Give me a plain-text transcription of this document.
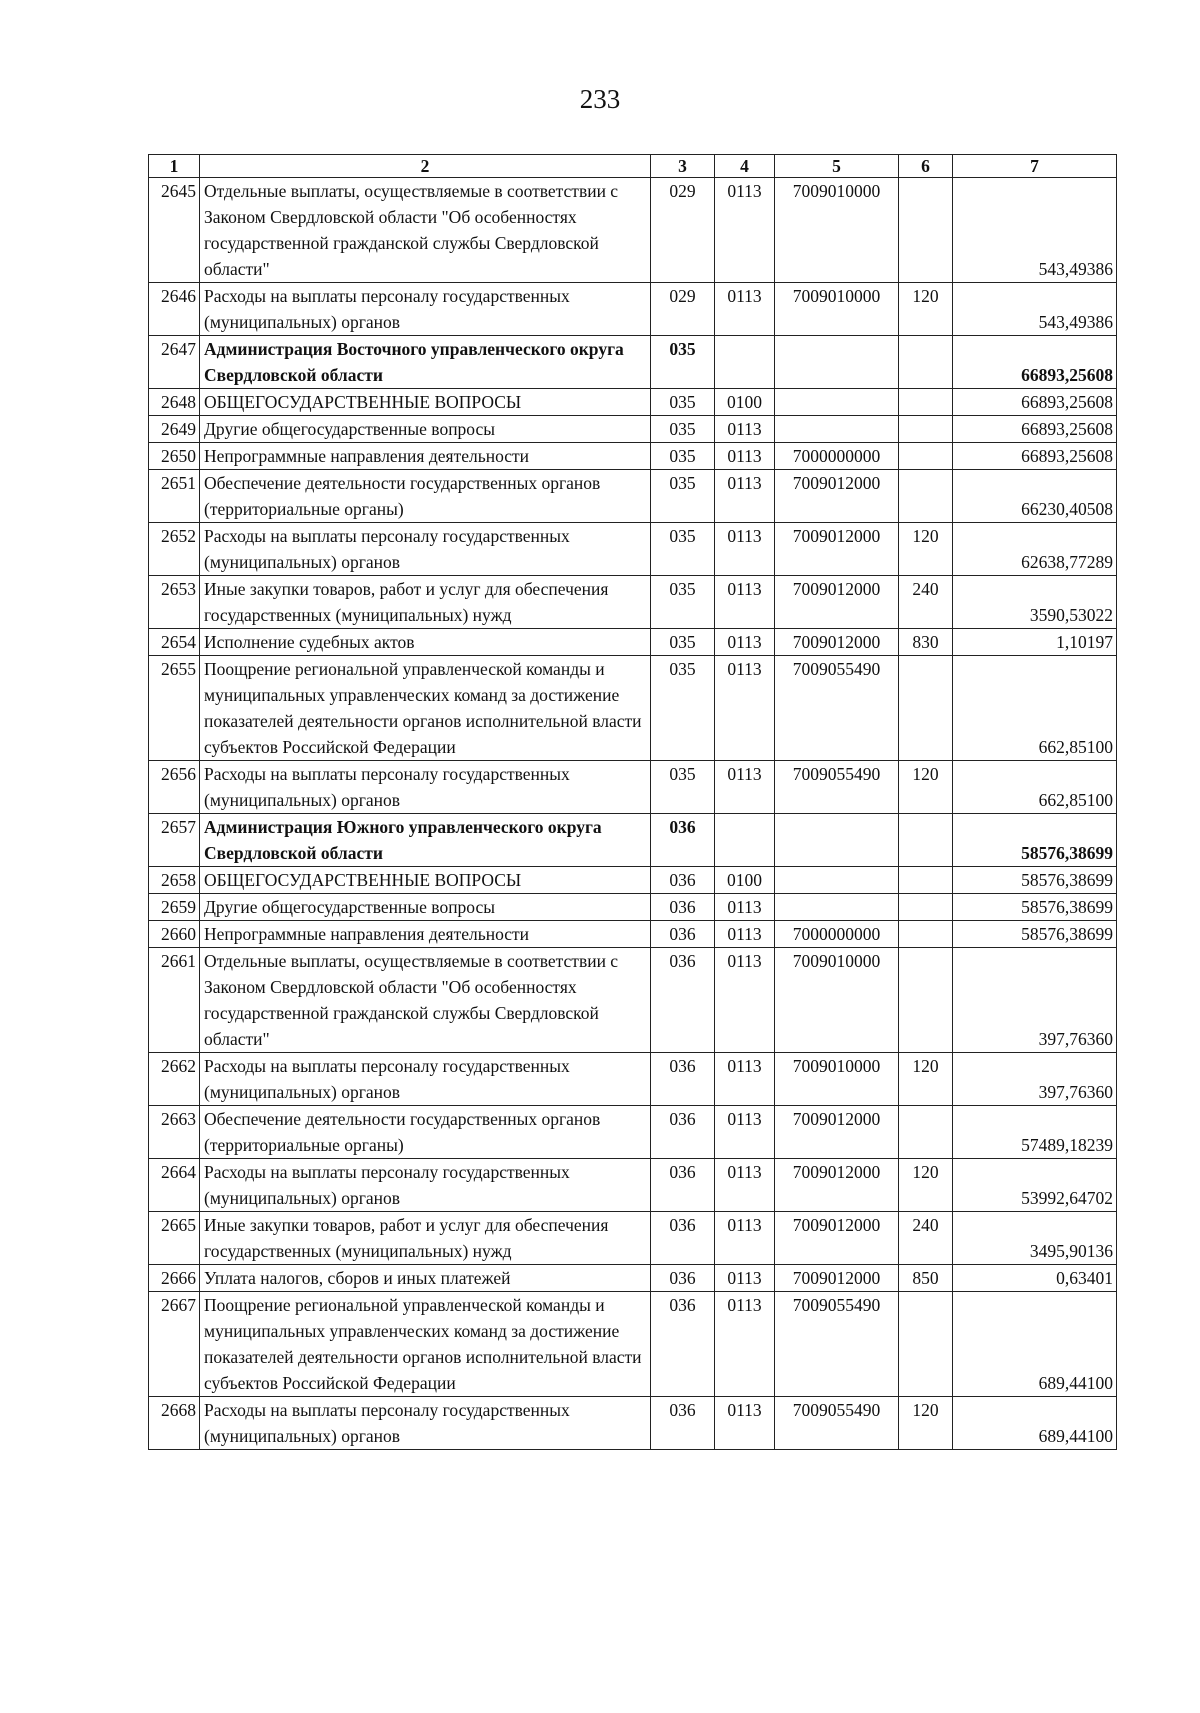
233
1	2	3	4	5	6	7
2645	Отдельные выплаты, осуществляемые в соответствии с Законом Свердловской области "Об особенностях государственной гражданской службы Свердловской области"	029	0113	7009010000		543,49386
2646	Расходы на выплаты персоналу государственных (муниципальных) органов	029	0113	7009010000	120	543,49386
2647	Администрация Восточного управленческого округа Свердловской области	035				66893,25608
2648	ОБЩЕГОСУДАРСТВЕННЫЕ ВОПРОСЫ	035	0100			66893,25608
2649	Другие общегосударственные вопросы	035	0113			66893,25608
2650	Непрограммные направления деятельности	035	0113	7000000000		66893,25608
2651	Обеспечение деятельности государственных органов (территориальные органы)	035	0113	7009012000		66230,40508
2652	Расходы на выплаты персоналу государственных (муниципальных) органов	035	0113	7009012000	120	62638,77289
2653	Иные закупки товаров, работ и услуг для обеспечения государственных (муниципальных) нужд	035	0113	7009012000	240	3590,53022
2654	Исполнение судебных актов	035	0113	7009012000	830	1,10197
2655	Поощрение региональной управленческой команды и муниципальных управленческих команд за достижение показателей деятельности органов исполнительной власти субъектов Российской Федерации	035	0113	7009055490		662,85100
2656	Расходы на выплаты персоналу государственных (муниципальных) органов	035	0113	7009055490	120	662,85100
2657	Администрация Южного управленческого округа Свердловской области	036				58576,38699
2658	ОБЩЕГОСУДАРСТВЕННЫЕ ВОПРОСЫ	036	0100			58576,38699
2659	Другие общегосударственные вопросы	036	0113			58576,38699
2660	Непрограммные направления деятельности	036	0113	7000000000		58576,38699
2661	Отдельные выплаты, осуществляемые в соответствии с Законом Свердловской области "Об особенностях государственной гражданской службы Свердловской области"	036	0113	7009010000		397,76360
2662	Расходы на выплаты персоналу государственных (муниципальных) органов	036	0113	7009010000	120	397,76360
2663	Обеспечение деятельности государственных органов (территориальные органы)	036	0113	7009012000		57489,18239
2664	Расходы на выплаты персоналу государственных (муниципальных) органов	036	0113	7009012000	120	53992,64702
2665	Иные закупки товаров, работ и услуг для обеспечения государственных (муниципальных) нужд	036	0113	7009012000	240	3495,90136
2666	Уплата налогов, сборов и иных платежей	036	0113	7009012000	850	0,63401
2667	Поощрение региональной управленческой команды и муниципальных управленческих команд за достижение показателей деятельности органов исполнительной власти субъектов Российской Федерации	036	0113	7009055490		689,44100
2668	Расходы на выплаты персоналу государственных (муниципальных) органов	036	0113	7009055490	120	689,44100
